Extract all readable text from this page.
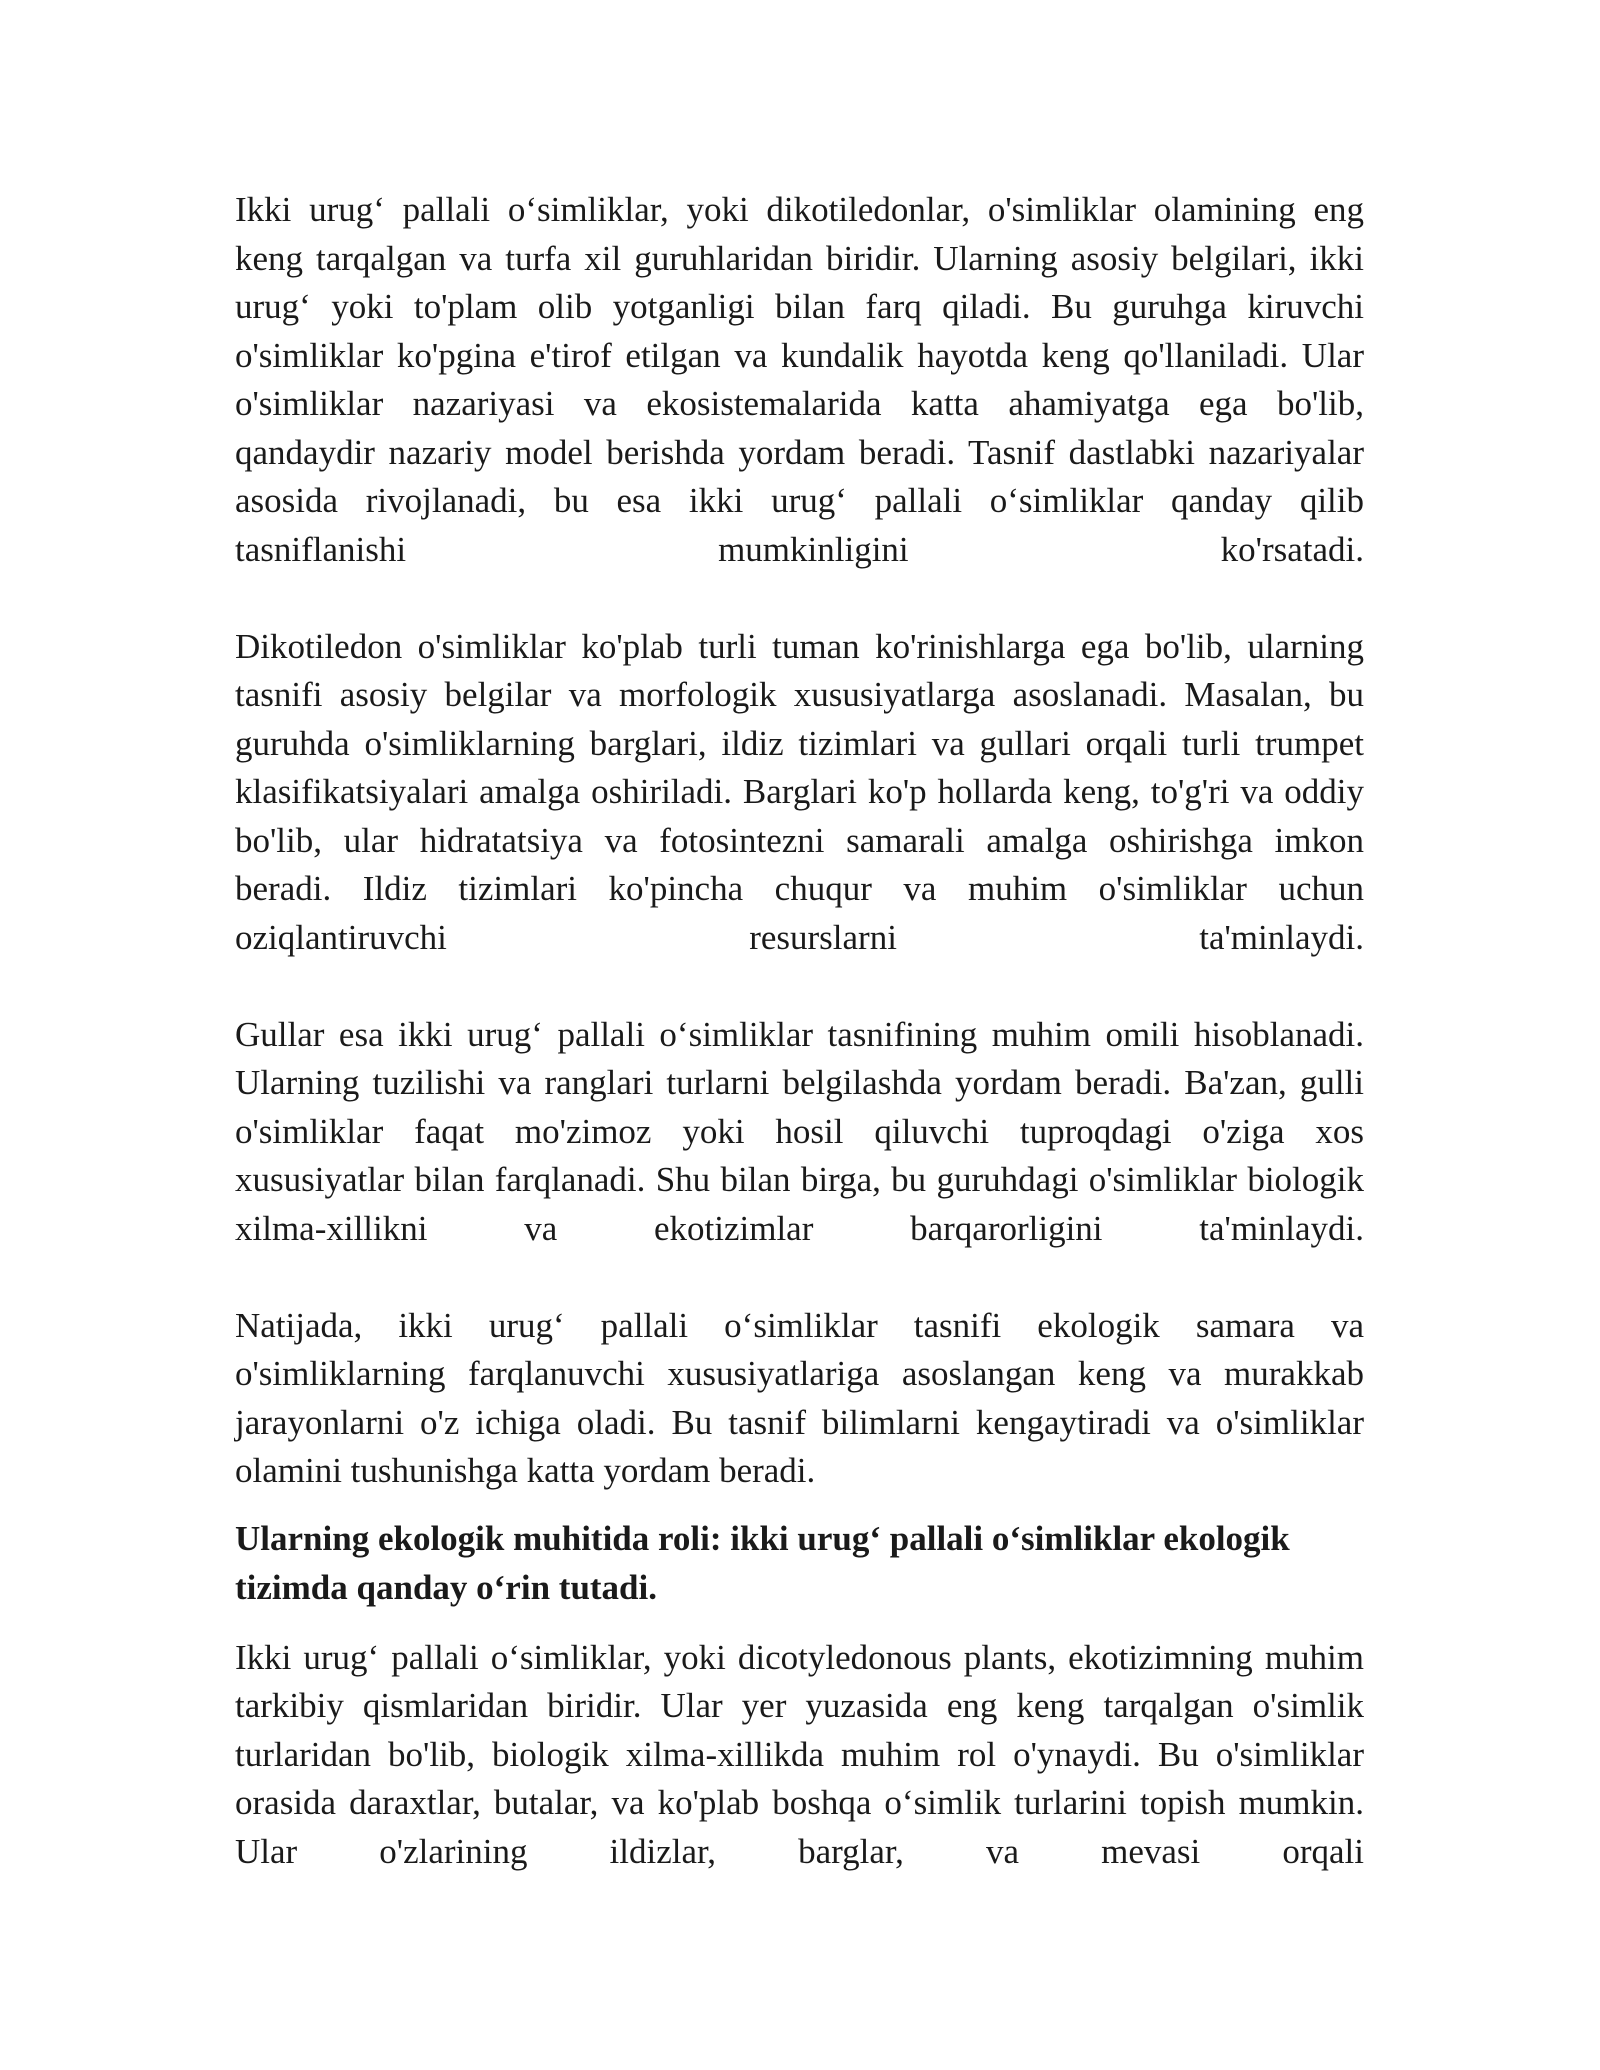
Ikki urug‘ pallali o‘simliklar, yoki dikotiledonlar, o'simliklar olamining eng keng tarqalgan va turfa xil guruhlaridan biridir. Ularning asosiy belgilari, ikki urug‘ yoki to'plam olib yotganligi bilan farq qiladi. Bu guruhga kiruvchi o'simliklar ko'pgina e'tirof etilgan va kundalik hayotda keng qo'llaniladi. Ular o'simliklar nazariyasi va ekosistemalarida katta ahamiyatga ega bo'lib, qandaydir nazariy model berishda yordam beradi. Tasnif dastlabki nazariyalar asosida rivojlanadi, bu esa ikki urug‘ pallali o‘simliklar qanday qilib tasniflanishi mumkinligini ko'rsatadi.

Dikotiledon o'simliklar ko'plab turli tuman ko'rinishlarga ega bo'lib, ularning tasnifi asosiy belgilar va morfologik xususiyatlarga asoslanadi. Masalan, bu guruhda o'simliklarning barglari, ildiz tizimlari va gullari orqali turli trumpet klasifikatsiyalari amalga oshiriladi. Barglari ko'p hollarda keng, to'g'ri va oddiy bo'lib, ular hidratatsiya va fotosintezni samarali amalga oshirishga imkon beradi. Ildiz tizimlari ko'pincha chuqur va muhim o'simliklar uchun oziqlantiruvchi resurslarni ta'minlaydi.

Gullar esa ikki urug‘ pallali o‘simliklar tasnifining muhim omili hisoblanadi. Ularning tuzilishi va ranglari turlarni belgilashda yordam beradi. Ba'zan, gulli o'simliklar faqat mo'zimoz yoki hosil qiluvchi tuproqdagi o'ziga xos xususiyatlar bilan farqlanadi. Shu bilan birga, bu guruhdagi o'simliklar biologik xilma-xillikni va ekotizimlar barqarorligini ta'minlaydi.

Natijada, ikki urug‘ pallali o‘simliklar tasnifi ekologik samara va o'simliklarning farqlanuvchi xususiyatlariga asoslangan keng va murakkab jarayonlarni o'z ichiga oladi. Bu tasnif bilimlarni kengaytiradi va o'simliklar olamini tushunishga katta yordam beradi.

Ularning ekologik muhitida roli: ikki urug‘ pallali o‘simliklar ekologik tizimda qanday o‘rin tutadi.

Ikki urug‘ pallali o‘simliklar, yoki dicotyledonous plants, ekotizimning muhim tarkibiy qismlaridan biridir. Ular yer yuzasida eng keng tarqalgan o'simlik turlaridan bo'lib, biologik xilma-xillikda muhim rol o'ynaydi. Bu o'simliklar orasida daraxtlar, butalar, va ko'plab boshqa o‘simlik turlarini topish mumkin. Ular o'zlarining ildizlar, barglar, va mevasi orqali
